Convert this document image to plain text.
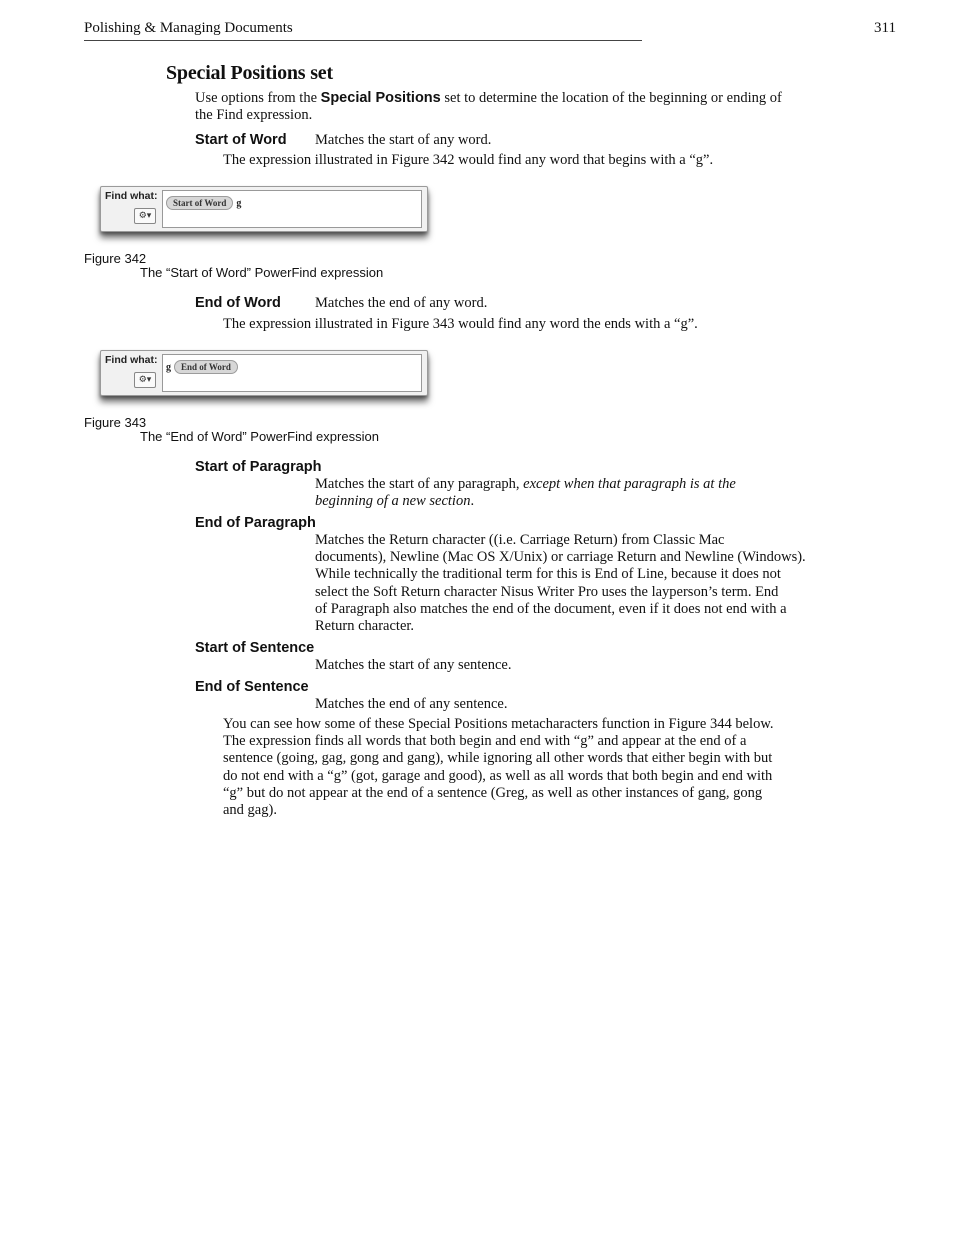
Polishing & Managing Documents	311
Special Positions set
Use options from the Special Positions set to determine the location of the beginning or ending of
the Find expression.
Start of Word Matches the start of any word.
The expression illustrated in Figure 342 would find any word that begins with a “g”.
Find what:
⚙▾
Start of Word g
Figure 342
The “Start of Word” PowerFind expression
End of Word Matches the end of any word.
The expression illustrated in Figure 343 would find any word the ends with a “g”.
Find what:
⚙▾
g End of Word
Figure 343
The “End of Word” PowerFind expression
Start of Paragraph
Matches the start of any paragraph, except when that paragraph is at the
beginning of a new section.
End of Paragraph
Matches the Return character ((i.e. Carriage Return) from Classic Mac
documents), Newline (Mac OS X/Unix) or carriage Return and Newline (Windows).
While technically the traditional term for this is End of Line, because it does not
select the Soft Return character Nisus Writer Pro uses the layperson’s term. End
of Paragraph also matches the end of the document, even if it does not end with a
Return character.
Start of Sentence
Matches the start of any sentence.
End of Sentence
Matches the end of any sentence.
You can see how some of these Special Positions metacharacters function in Figure 344 below.
The expression finds all words that both begin and end with “g” and appear at the end of a
sentence (going, gag, gong and gang), while ignoring all other words that either begin with but
do not end with a “g” (got, garage and good), as well as all words that both begin and end with
“g” but do not appear at the end of a sentence (Greg, as well as other instances of gang, gong
and gag).
